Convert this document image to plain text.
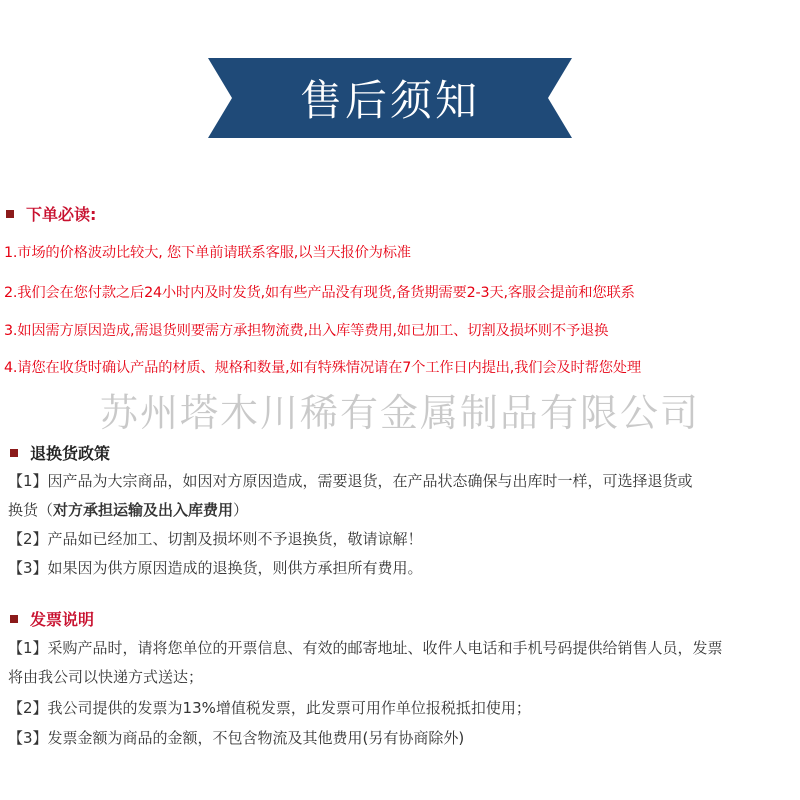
售后须知
下单必读:
1.市场的价格波动比较大, 您下单前请联系客服,以当天报价为标准
2.我们会在您付款之后24小时内及时发货,如有些产品没有现货,备货期需要2-3天,客服会提前和您联系
3.如因需方原因造成,需退货则要需方承担物流费,出入库等费用,如已加工、切割及损坏则不予退换
4.请您在收货时确认产品的材质、规格和数量,如有特殊情况请在7个工作日内提出,我们会及时帮您处理
苏州塔木川稀有金属制品有限公司
退换货政策
【1】因产品为大宗商品，如因对方原因造成，需要退货，在产品状态确保与出库时一样，可选择退货或
换货（对方承担运输及出入库费用）
【2】产品如已经加工、切割及损坏则不予退换货，敬请谅解！
【3】如果因为供方原因造成的退换货，则供方承担所有费用。
发票说明
【1】采购产品时，请将您单位的开票信息、有效的邮寄地址、收件人电话和手机号码提供给销售人员，发票
将由我公司以快递方式送达；
【2】我公司提供的发票为13%增值税发票，此发票可用作单位报税抵扣使用；
【3】发票金额为商品的金额，不包含物流及其他费用(另有协商除外)
